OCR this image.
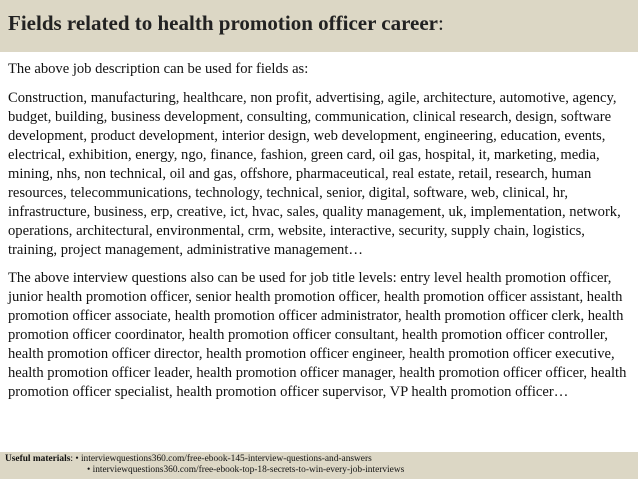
Fields related to health promotion officer career:

The above job description can be used for fields as:

Construction, manufacturing, healthcare, non profit, advertising, agile, architecture, automotive, agency, budget, building, business development, consulting, communication, clinical research, design, software development, product development, interior design, web development, engineering, education, events, electrical, exhibition, energy, ngo, finance, fashion, green card, oil gas, hospital, it, marketing, media, mining, nhs, non technical, oil and gas, offshore, pharmaceutical, real estate, retail, research, human resources, telecommunications, technology, technical, senior, digital, software, web, clinical, hr, infrastructure, business, erp, creative, ict, hvac, sales, quality management, uk, implementation, network, operations, architectural, environmental, crm, website, interactive, security, supply chain, logistics, training, project management, administrative management…

The above interview questions also can be used for job title levels: entry level health promotion officer, junior health promotion officer, senior health promotion officer, health promotion officer assistant, health promotion officer associate, health promotion officer administrator, health promotion officer clerk, health promotion officer coordinator, health promotion officer consultant, health promotion officer controller, health promotion officer director, health promotion officer engineer, health promotion officer executive, health promotion officer leader, health promotion officer manager, health promotion officer officer, health promotion officer specialist, health promotion officer supervisor, VP health promotion officer…

Useful materials: • interviewquestions360.com/free-ebook-145-interview-questions-and-answers
• interviewquestions360.com/free-ebook-top-18-secrets-to-win-every-job-interviews
